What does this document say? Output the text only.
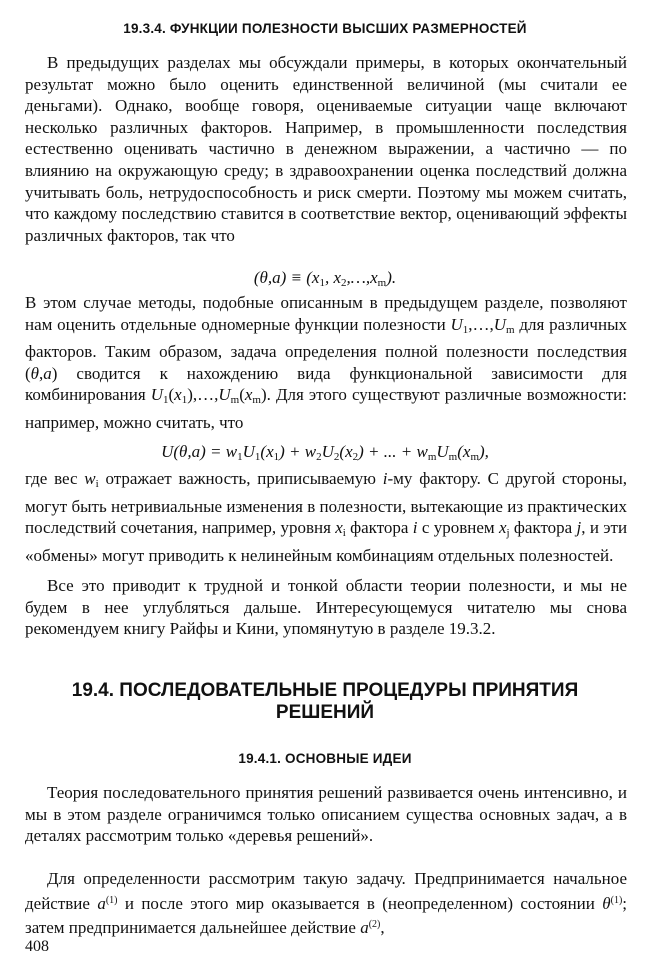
19.3.4. ФУНКЦИИ ПОЛЕЗНОСТИ ВЫСШИХ РАЗМЕРНОСТЕЙ

В предыдущих разделах мы обсуждали примеры, в которых окончательный результат можно было оценить единственной величиной (мы считали ее деньгами). Однако, вообще говоря, оцениваемые ситуации чаще включают несколько различных факторов. Например, в промышленности последствия естественно оценивать частично в денежном выражении, а частично — по влиянию на окружающую среду; в здравоохранении оценка последствий должна учитывать боль, нетрудоспособность и риск смерти. Поэтому мы можем считать, что каждому последствию ставится в соответствие вектор, оценивающий эффекты различных факторов, так что

$(\theta,a) \equiv (x_1$, $x_2,\dots,x_m$).

В этом случае методы, подобные описанным в предыдущем разделе, позволяют нам оценить отдельные одномерные функции полезности $U_1,\dots,U_m$ для различных факторов. Таким образом, задача определения полной полезности последствия (θ,a) сводится к нахождению вида функциональной зависимости для комбинирования $U_1(x_1),\dots,U_m(x_m)$. Для этого существуют различные возможности: например, можно считать, что

$U(\theta,a) = w_1U_1(x_1) + w_2U_2(x_2)$ + ... + $w_mU_m(x_m)$,

где вес $w_i$ отражает важность, приписываемую i-му фактору. С другой стороны, могут быть нетривиальные изменения в полезности, вытекающие из практических последствий сочетания, например, уровня $x_i$ фактора i с уровнем $x_j$ фактора j, и эти «обмены» могут приводить к нелинейным комбинациям отдельных полезностей.

Все это приводит к трудной и тонкой области теории полезности, и мы не будем в нее углубляться дальше. Интересующемуся читателю мы снова рекомендуем книгу Райфы и Кини, упомянутую в разделе 19.3.2.

19.4. ПОСЛЕДОВАТЕЛЬНЫЕ ПРОЦЕДУРЫ ПРИНЯТИЯ
РЕШЕНИЙ
19.4.1. ОСНОВНЫЕ ИДЕИ

Теория последовательного принятия решений развивается очень интенсивно, и мы в этом разделе ограничимся только описанием существа основных задач, а в деталях рассмотрим только «деревья решений».

Для определенности рассмотрим такую задачу. Предпринимается начальное действие $a^{(1)}$ и после этого мир оказывается в (неопределенном) состоянии $\theta^{(1)}$; затем предпринимается дальнейшее действие $a^{(2)}$,

408
